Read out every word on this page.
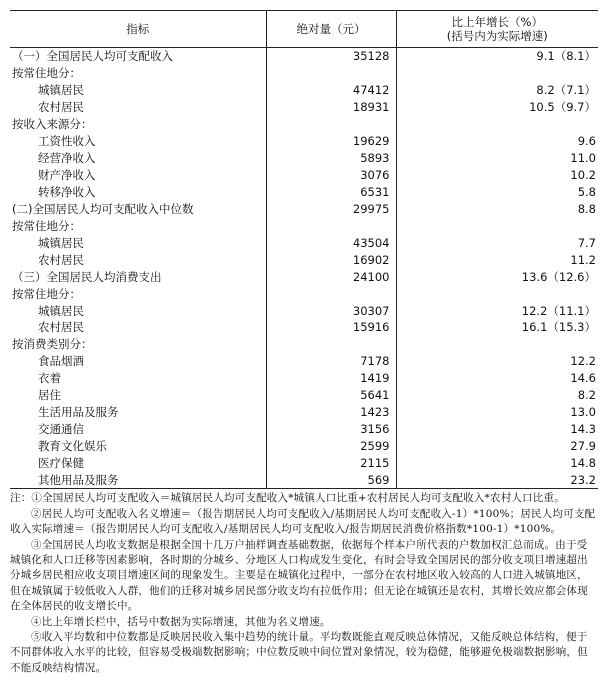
指标	绝对量（元）	比上年增长（%）
(括号内为实际增速)

（一）全国居民人均可支配收入	35128	9.1（8.1）
按常住地分：		
城镇居民	47412	8.2（7.1）
农村居民	18931	10.5（9.7）
按收入来源分：		
工资性收入	19629	9.6
经营净收入	5893	11.0
财产净收入	3076	10.2
转移净收入	6531	5.8
(二)全国居民人均可支配收入中位数	29975	8.8
按常住地分：		
城镇居民	43504	7.7
农村居民	16902	11.2
（三）全国居民人均消费支出	24100	13.6（12.6）
按常住地分：		
城镇居民	30307	12.2（11.1）
农村居民	15916	16.1（15.3）
按消费类别分：		
食品烟酒	7178	12.2
衣着	1419	14.6
居住	5641	8.2
生活用品及服务	1423	13.0
交通通信	3156	14.3
教育文化娱乐	2599	27.9
医疗保健	2115	14.8
其他用品及服务	569	23.2

注：①全国居民人均可支配收入＝城镇居民人均可支配收入*城镇人口比重+农村居民人均可支配收入*农村人口比重。

②居民人均可支配收入名义增速＝（报告期居民人均可支配收入/基期居民人均可支配收入-1）*100%；居民人均可支配收入实际增速＝（报告期居民人均可支配收入/基期居民人均可支配收入/报告期居民消费价格指数*100-1）*100%。

③全国居民人均收支数据是根据全国十几万户抽样调查基础数据，依据每个样本户所代表的户数加权汇总而成。由于受城镇化和人口迁移等因素影响，各时期的分城乡、分地区人口构成发生变化，有时会导致全国居民的部分收支项目增速超出分城乡居民相应收支项目增速区间的现象发生。主要是在城镇化过程中，一部分在农村地区收入较高的人口进入城镇地区，但在城镇属于较低收入人群，他们的迁移对城乡居民部分收支均有拉低作用；但无论在城镇还是农村，其增长效应都会体现在全体居民的收支增长中。

④比上年增长栏中，括号中数据为实际增速，其他为名义增速。

⑤收入平均数和中位数都是反映居民收入集中趋势的统计量。平均数既能直观反映总体情况，又能反映总体结构，便于不同群体收入水平的比较，但容易受极端数据影响；中位数反映中间位置对象情况，较为稳健，能够避免极端数据影响，但不能反映结构情况。
